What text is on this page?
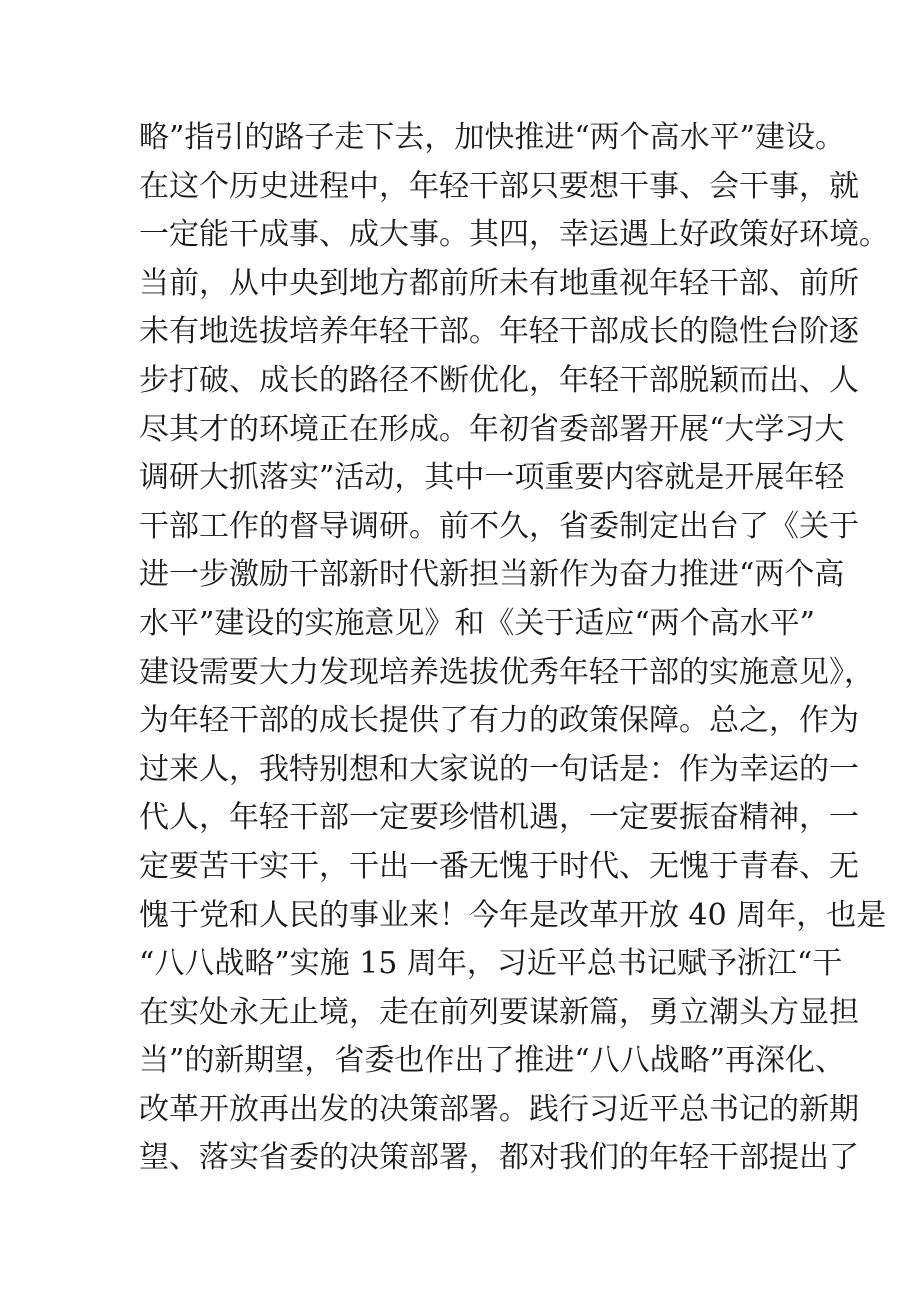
略”指引的路子走下去，加快推进“两个高水平”建设。
在这个历史进程中，年轻干部只要想干事、会干事，就
一定能干成事、成大事。其四，幸运遇上好政策好环境。
当前，从中央到地方都前所未有地重视年轻干部、前所
未有地选拔培养年轻干部。年轻干部成长的隐性台阶逐
步打破、成长的路径不断优化，年轻干部脱颖而出、人
尽其才的环境正在形成。年初省委部署开展“大学习大
调研大抓落实”活动，其中一项重要内容就是开展年轻
干部工作的督导调研。前不久，省委制定出台了《关于
进一步激励干部新时代新担当新作为奋力推进“两个高
水平”建设的实施意见》和《关于适应“两个高水平”
建设需要大力发现培养选拔优秀年轻干部的实施意见》，
为年轻干部的成长提供了有力的政策保障。总之，作为
过来人，我特别想和大家说的一句话是：作为幸运的一
代人，年轻干部一定要珍惜机遇，一定要振奋精神，一
定要苦干实干，干出一番无愧于时代、无愧于青春、无
愧于党和人民的事业来！今年是改革开放 40 周年，也是
“八八战略”实施 15 周年，习近平总书记赋予浙江“干
在实处永无止境，走在前列要谋新篇，勇立潮头方显担
当”的新期望，省委也作出了推进“八八战略”再深化、
改革开放再出发的决策部署。践行习近平总书记的新期
望、落实省委的决策部署，都对我们的年轻干部提出了
